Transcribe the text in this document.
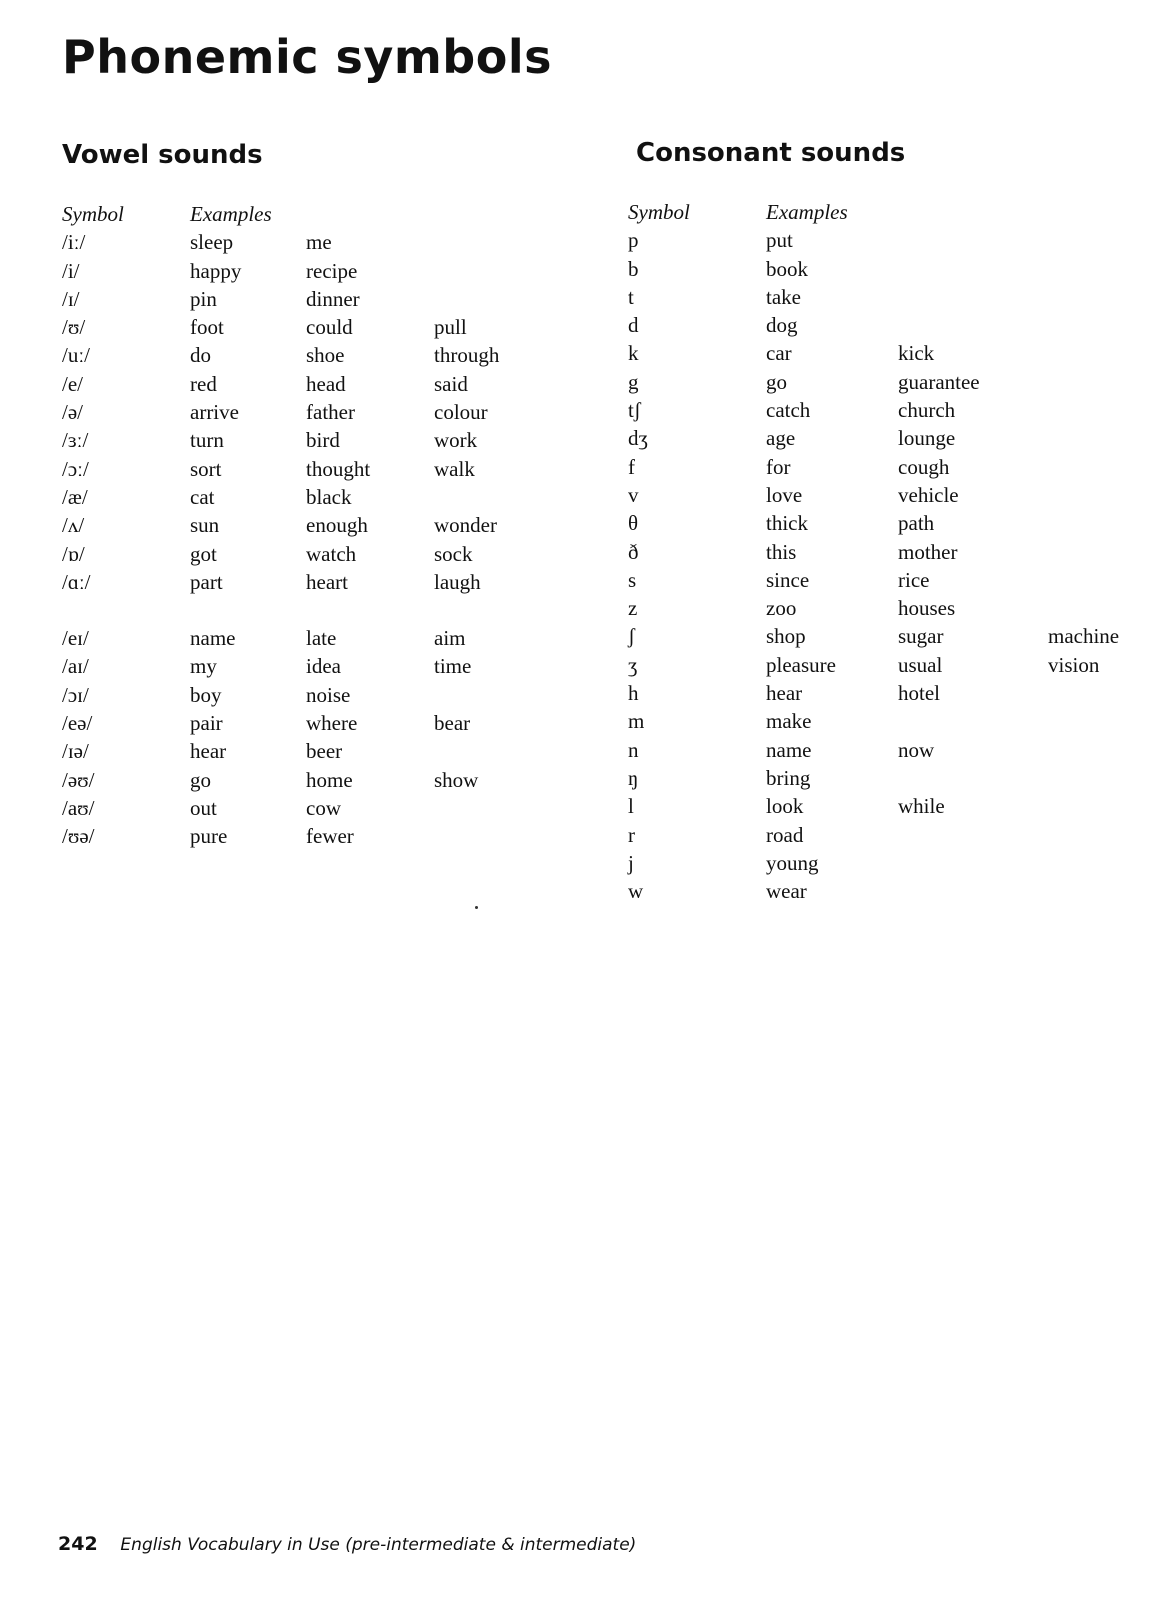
Phonemic symbols
Vowel sounds
Symbol	Examples
/iː/	sleep	me
/i/	happy	recipe
/ɪ/	pin	dinner
/ʊ/	foot	could	pull
/uː/	do	shoe	through
/e/	red	head	said
/ə/	arrive	father	colour
/ɜː/	turn	bird	work
/ɔː/	sort	thought	walk
/æ/	cat	black
/ʌ/	sun	enough	wonder
/ɒ/	got	watch	sock
/ɑː/	part	heart	laugh
/eɪ/	name	late	aim
/aɪ/	my	idea	time
/ɔɪ/	boy	noise
/eə/	pair	where	bear
/ɪə/	hear	beer
/əʊ/	go	home	show
/aʊ/	out	cow
/ʊə/	pure	fewer
Consonant sounds
Symbol	Examples
p	put
b	book
t	take
d	dog
k	car	kick
g	go	guarantee
tʃ	catch	church
dʒ	age	lounge
f	for	cough
v	love	vehicle
θ	thick	path
ð	this	mother
s	since	rice
z	zoo	houses
ʃ	shop	sugar	machine
ʒ	pleasure	usual	vision
h	hear	hotel
m	make
n	name	now
ŋ	bring
l	look	while
r	road
j	young
w	wear
242 English Vocabulary in Use (pre-intermediate & intermediate)
